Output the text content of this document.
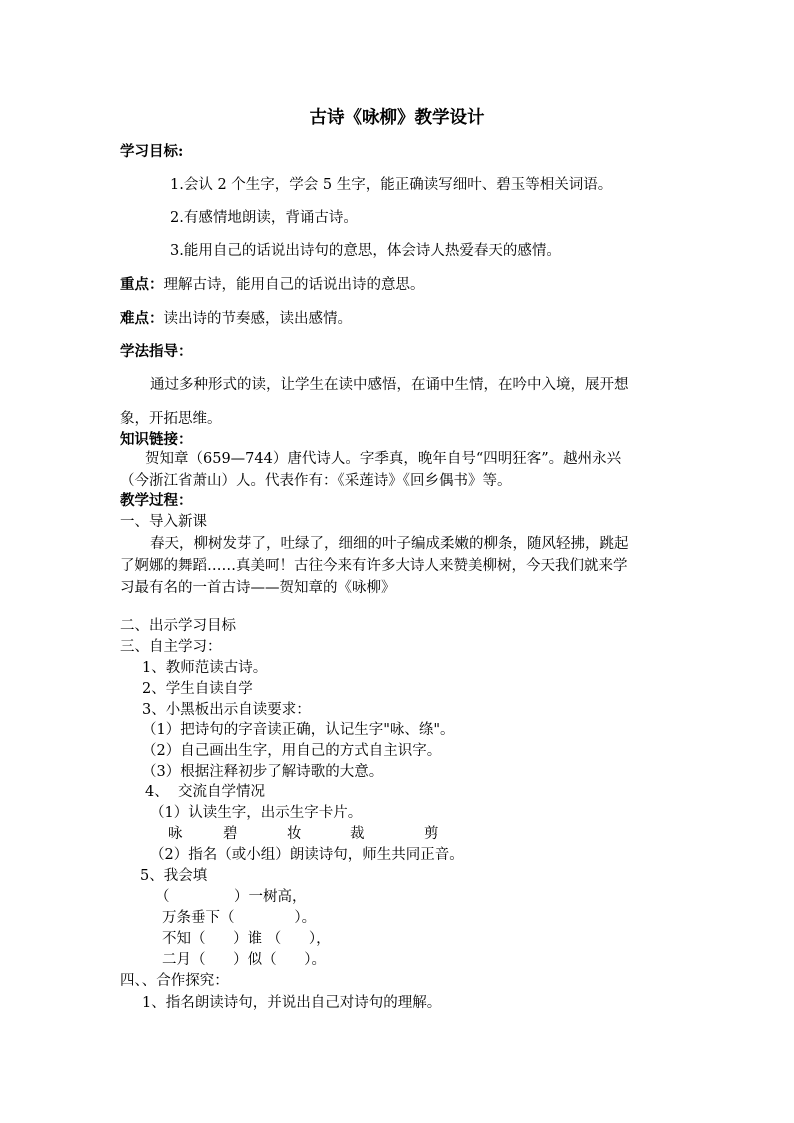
古诗《咏柳》教学设计
学习目标:
1.会认 2 个生字，学会 5 生字，能正确读写细叶、碧玉等相关词语。
2.有感情地朗读，背诵古诗。
3.能用自己的话说出诗句的意思，体会诗人热爱春天的感情。
重点：理解古诗，能用自己的话说出诗的意思。
难点：读出诗的节奏感，读出感情。
学法指导：
通过多种形式的读，让学生在读中感悟，在诵中生情，在吟中入境，展开想
象，开拓思维。
知识链接：
贺知章（659—744）唐代诗人。字季真，晚年自号“四明狂客”。越州永兴
（今浙江省萧山）人。代表作有：《采莲诗》《回乡偶书》等。
教学过程：
一、导入新课
春天，柳树发芽了，吐绿了，细细的叶子编成柔嫩的柳条，随风轻拂，跳起
了婀娜的舞蹈……真美呵！古往今来有许多大诗人来赞美柳树，今天我们就来学
习最有名的一首古诗——贺知章的《咏柳》
二、出示学习目标
三、自主学习：
1、教师范读古诗。
2、学生自读自学
3、小黑板出示自读要求：
（1）把诗句的字音读正确，认记生字"咏、绦"。
（2）自己画出生字，用自己的方式自主识字。
（3）根据注释初步了解诗歌的大意。
4、  交流自学情况
（1）认读生字，出示生字卡片。
咏	碧	妆	裁	剪
（2）指名（或小组）朗读诗句，师生共同正音。
5、我会填
（              ）一树高，
万条垂下（             ）。
不知（      ）谁 （      ），
二月（      ）似（      ）。
四、、合作探究：
1、指名朗读诗句，并说出自己对诗句的理解。
